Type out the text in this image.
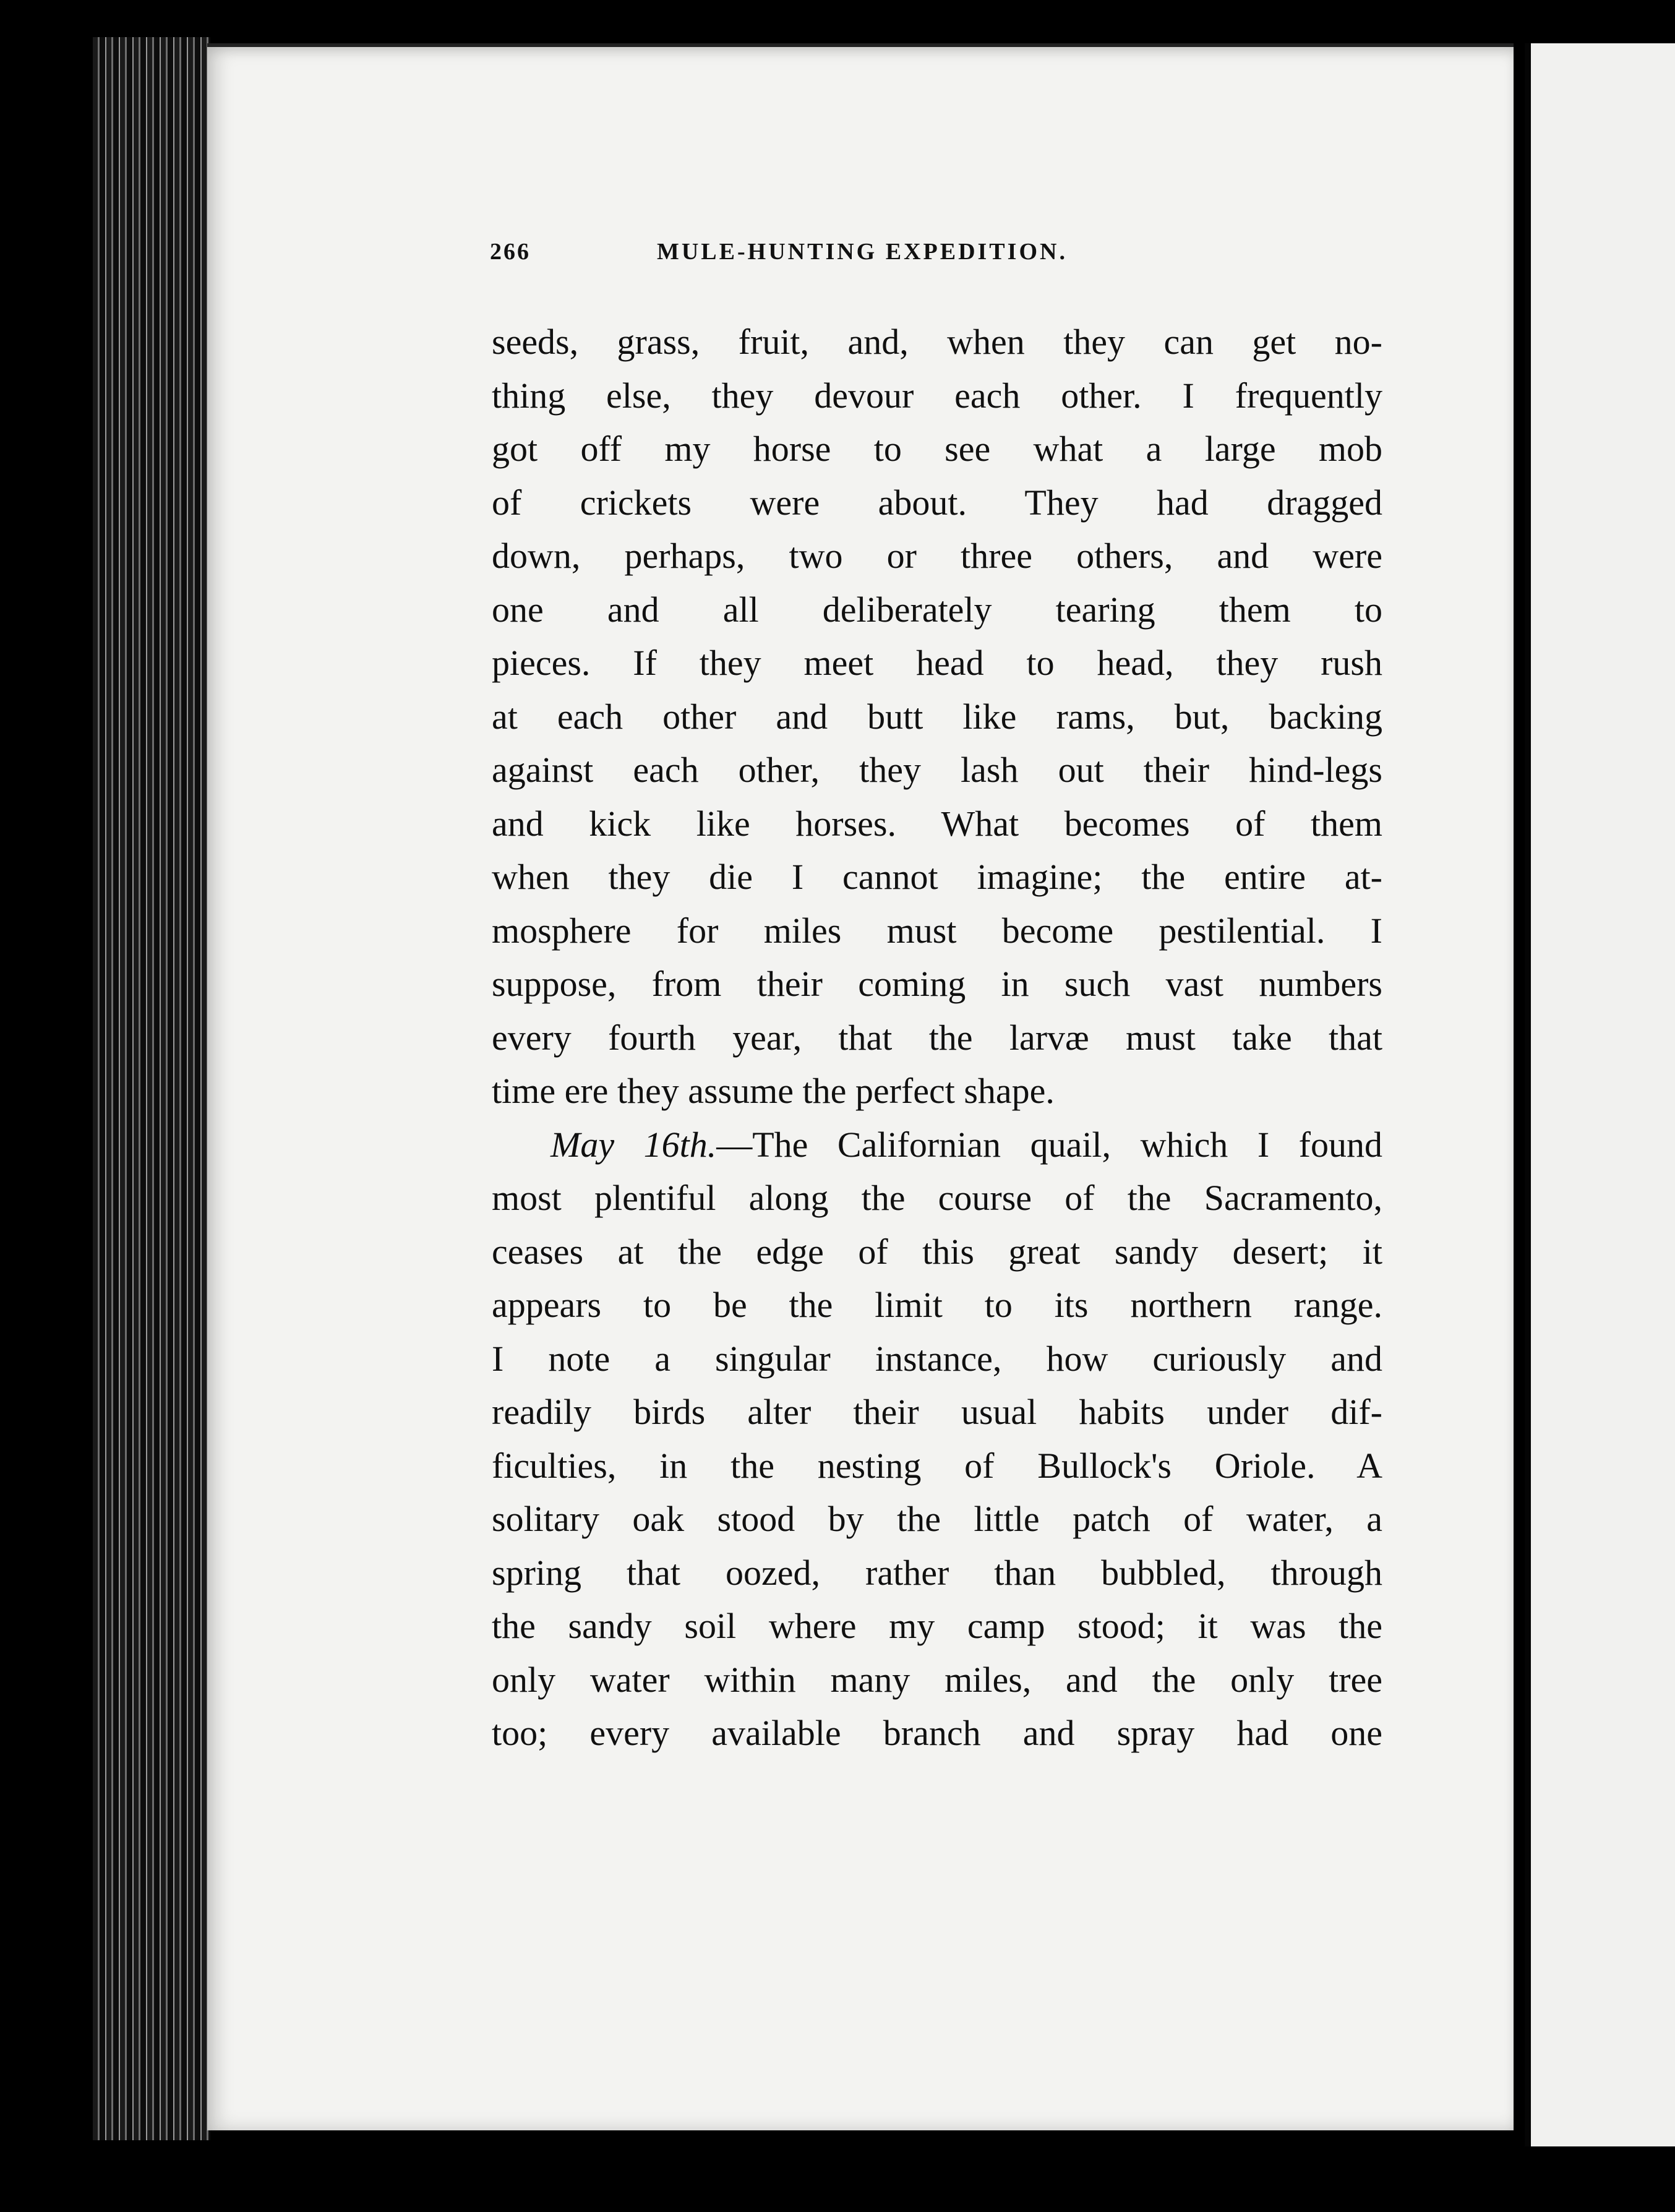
266	MULE-HUNTING EXPEDITION.
seeds, grass, fruit, and, when they can get no-
thing else, they devour each other. I frequently
got off my horse to see what a large mob
of crickets were about. They had dragged
down, perhaps, two or three others, and were
one and all deliberately tearing them to
pieces. If they meet head to head, they rush
at each other and butt like rams, but, backing
against each other, they lash out their hind-legs
and kick like horses. What becomes of them
when they die I cannot imagine; the entire at-
mosphere for miles must become pestilential. I
suppose, from their coming in such vast numbers
every fourth year, that the larvæ must take that
time ere they assume the perfect shape.
May 16th.—The Californian quail, which I found
most plentiful along the course of the Sacramento,
ceases at the edge of this great sandy desert; it
appears to be the limit to its northern range.
I note a singular instance, how curiously and
readily birds alter their usual habits under dif-
ficulties, in the nesting of Bullock's Oriole. A
solitary oak stood by the little patch of water, a
spring that oozed, rather than bubbled, through
the sandy soil where my camp stood; it was the
only water within many miles, and the only tree
too; every available branch and spray had one
